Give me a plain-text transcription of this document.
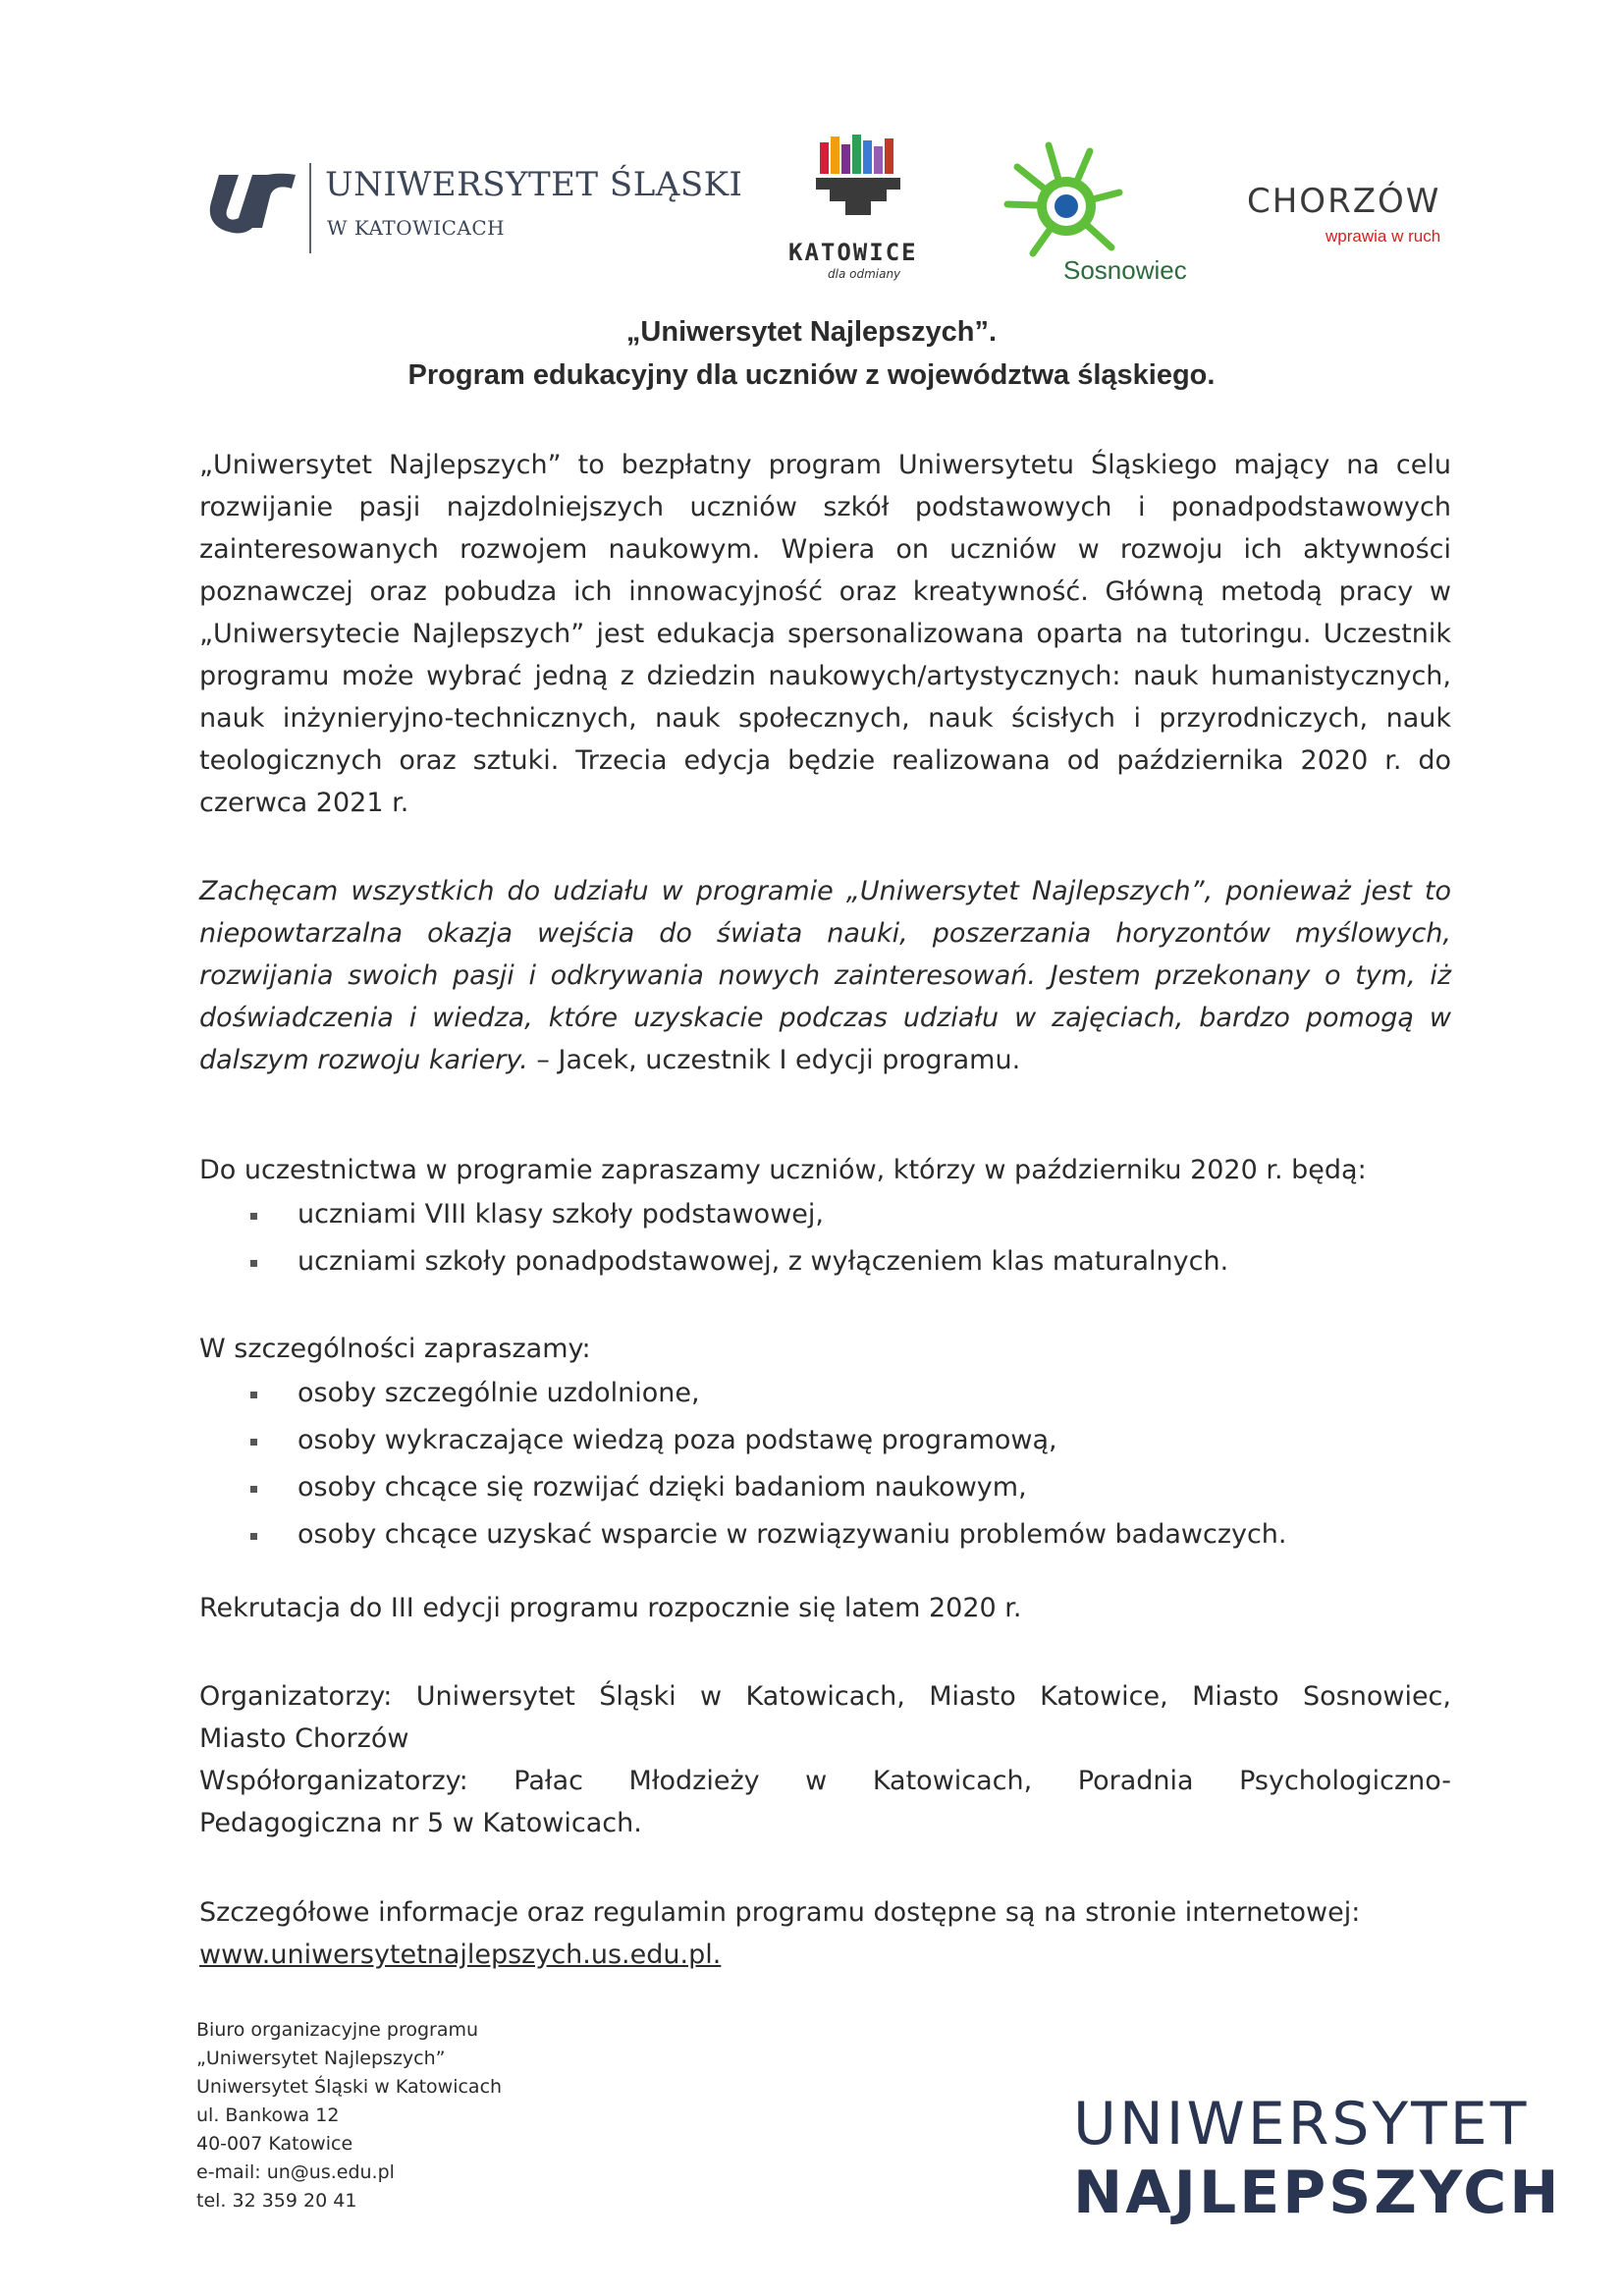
UNIWERSYTET ŚLĄSKI
W KATOWICACH
KATOWICE
dla odmiany	Sosnowiec
CHORZÓW
wprawia w ruch
„Uniwersytet Najlepszych”.
Program edukacyjny dla uczniów z województwa śląskiego.
„Uniwersytet Najlepszych” to bezpłatny program Uniwersytetu Śląskiego mający na celu rozwijanie pasji najzdolniejszych uczniów szkół podstawowych i ponadpodstawowych zainteresowanych rozwojem naukowym. Wpiera on uczniów w rozwoju ich aktywności poznawczej oraz pobudza ich innowacyjność oraz kreatywność. Główną metodą pracy w „Uniwersytecie Najlepszych” jest edukacja spersonalizowana oparta na tutoringu. Uczestnik programu może wybrać jedną z dziedzin naukowych/artystycznych: nauk humanistycznych, nauk inżynieryjno-technicznych, nauk społecznych, nauk ścisłych i przyrodniczych, nauk teologicznych oraz sztuki. Trzecia edycja będzie realizowana od października 2020 r. do czerwca 2021 r.
Zachęcam wszystkich do udziału w programie „Uniwersytet Najlepszych”, ponieważ jest to niepowtarzalna okazja wejścia do świata nauki, poszerzania horyzontów myślowych, rozwijania swoich pasji i odkrywania nowych zainteresowań. Jestem przekonany o tym, iż doświadczenia i wiedza, które uzyskacie podczas udziału w zajęciach, bardzo pomogą w dalszym rozwoju kariery. – Jacek, uczestnik I edycji programu.
Do uczestnictwa w programie zapraszamy uczniów, którzy w październiku 2020 r. będą:
uczniami VIII klasy szkoły podstawowej,
uczniami szkoły ponadpodstawowej, z wyłączeniem klas maturalnych.
W szczególności zapraszamy:
osoby szczególnie uzdolnione,
osoby wykraczające wiedzą poza podstawę programową,
osoby chcące się rozwijać dzięki badaniom naukowym,
osoby chcące uzyskać wsparcie w rozwiązywaniu problemów badawczych.
Rekrutacja do III edycji programu rozpocznie się latem 2020 r.
Organizatorzy: Uniwersytet Śląski w Katowicach, Miasto Katowice, Miasto Sosnowiec,
Miasto Chorzów
Współorganizatorzy: Pałac Młodzieży w Katowicach, Poradnia Psychologiczno-
Pedagogiczna nr 5 w Katowicach.
Szczegółowe informacje oraz regulamin programu dostępne są na stronie internetowej:
www.uniwersytetnajlepszych.us.edu.pl.
Biuro organizacyjne programu
„Uniwersytet Najlepszych”
Uniwersytet Śląski w Katowicach
ul. Bankowa 12
40-007 Katowice
e-mail: un@us.edu.pl
tel. 32 359 20 41
UNIWERSYTET
NAJLEPSZYCH
